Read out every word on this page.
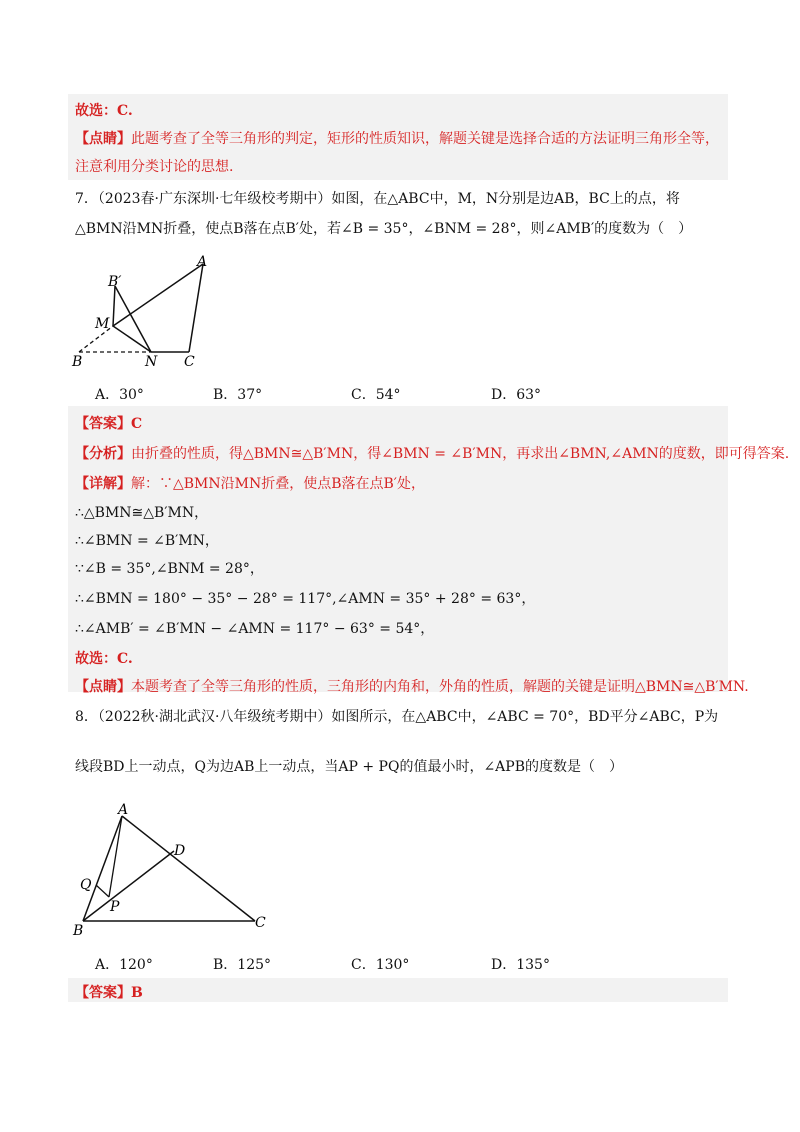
故选：C.
【点睛】此题考查了全等三角形的判定，矩形的性质知识，解题关键是选择合适的方法证明三角形全等，
注意利用分类讨论的思想.
7．（2023春·广东深圳·七年级校考期中）如图，在△ABC中，M，N分别是边AB，BC上的点，将
△BMN沿MN折叠，使点B落在点B′处，若∠B = 35°，∠BNM = 28°，则∠AMB′的度数为（　）
A
B′
M
B	N C
A．30°	B．37°	C．54°	D．63°
【答案】C
【分析】由折叠的性质，得△BMN≅△B′MN，得∠BMN = ∠B′MN，再求出∠BMN,∠AMN的度数，即可得答案.
【详解】解：∵△BMN沿MN折叠，使点B落在点B′处，
∴△BMN≅△B′MN，
∴∠BMN = ∠B′MN，
∵∠B = 35°,∠BNM = 28°，
∴∠BMN = 180° − 35° − 28° = 117°,∠AMN = 35° + 28° = 63°，
∴∠AMB′ = ∠B′MN − ∠AMN = 117° − 63° = 54°，
故选：C.
【点睛】本题考查了全等三角形的性质，三角形的内角和，外角的性质，解题的关键是证明△BMN≅△B′MN.
8．（2022秋·湖北武汉·八年级统考期中）如图所示，在△ABC中，∠ABC = 70°，BD平分∠ABC，P为
线段BD上一动点，Q为边AB上一动点，当AP + PQ的值最小时，∠APB的度数是（　）
A
D
Q
P
B	C
A．120°	B．125°	C．130°	D．135°
【答案】B
